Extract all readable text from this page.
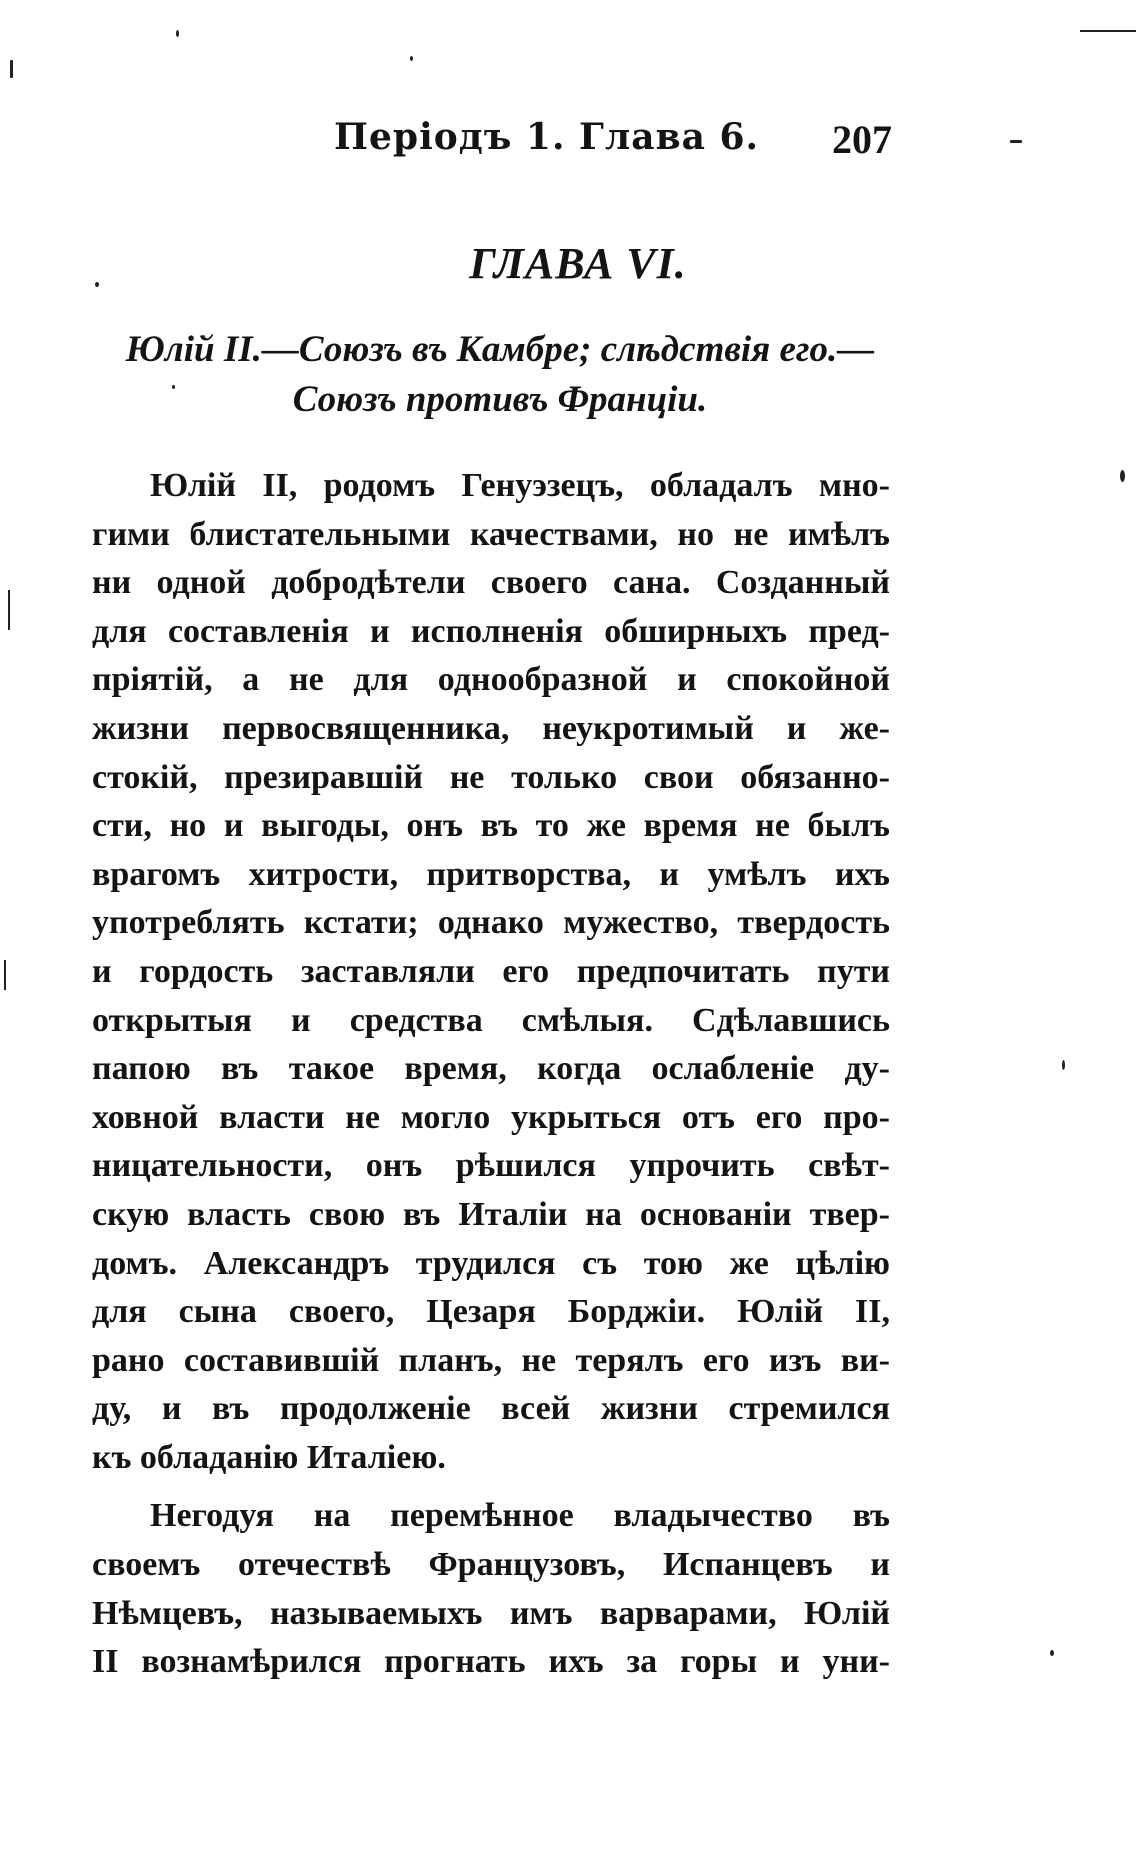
Періодъ 1. Глава 6. 207
ГЛАВА VI.
Юлій II.—Союзъ въ Камбре; слѣдствія его.—
Союзъ противъ Франціи.

Юлій II, родомъ Генуэзецъ, обладалъ мно-
гими блистательными качествами, но не имѣлъ
ни одной добродѣтели своего сана. Созданный
для составленія и исполненія обширныхъ пред-
пріятій, а не для однообразной и спокойной
жизни первосвященника, неукротимый и же-
стокій, презиравшій не только свои обязанно-
сти, но и выгоды, онъ въ то же время не былъ
врагомъ хитрости, притворства, и умѣлъ ихъ
употреблять кстати; однако мужество, твердость
и гордость заставляли его предпочитать пути
открытыя и средства смѣлыя. Сдѣлавшись
папою въ такое время, когда ослабленіе ду-
ховной власти не могло укрыться отъ его про-
ницательности, онъ рѣшился упрочить свѣт-
скую власть свою въ Италіи на основаніи твер-
домъ. Александръ трудился съ тою же цѣлію
для сына своего, Цезаря Борджіи. Юлій II,
рано составившій планъ, не терялъ его изъ ви-
ду, и въ продолженіе всей жизни стремился
къ обладанію Италіею.

Негодуя на перемѣнное владычество въ
своемъ отечествѣ Французовъ, Испанцевъ и
Нѣмцевъ, называемыхъ имъ варварами, Юлій
II вознамѣрился прогнать ихъ за горы и уни-
